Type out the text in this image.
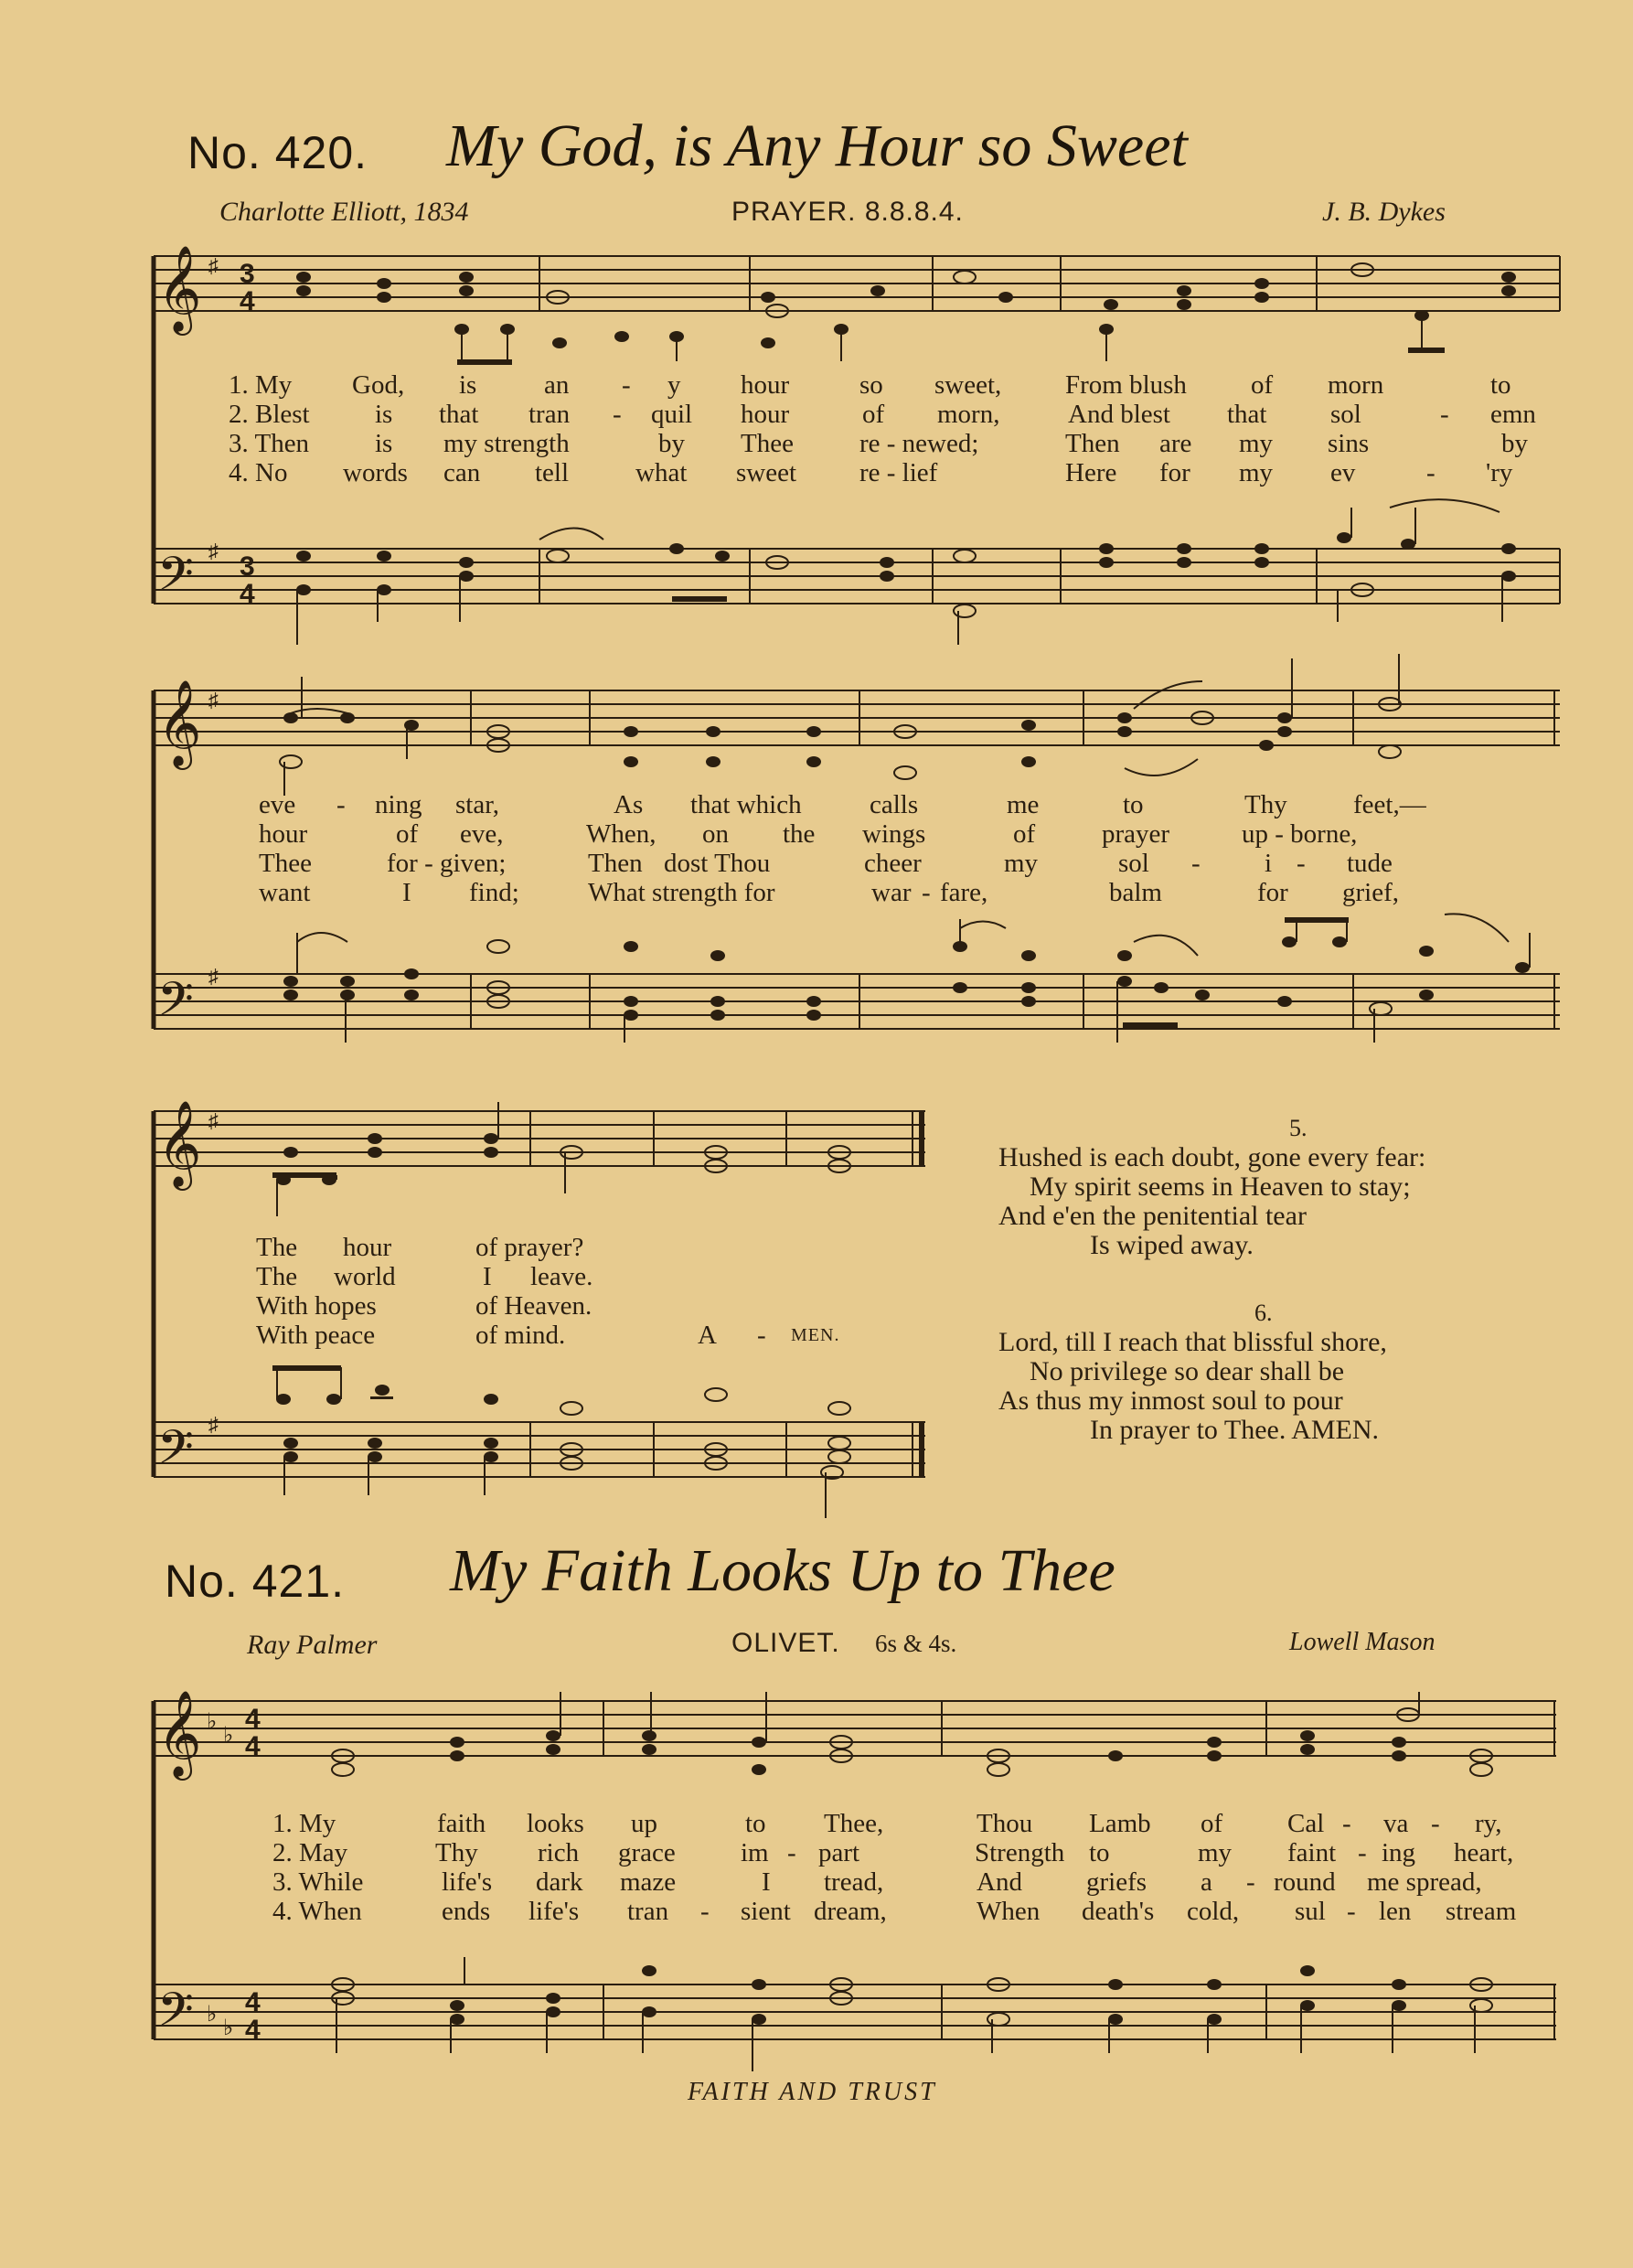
No. 420. My God, is Any Hour so Sweet
Charlotte Elliott, 1834	PRAYER. 8.8.8.4.	J. B. Dykes
𝄞
𝄢
♯
♯
3
4
3
4
1. My God, is	an - y hour	so sweet, From blush of morn	to
2. Blest is that tran - quil hour	of morn,	And blest that sol	- emn
3. Then is my strength	by Thee re - newed;	Then are my sins	by
4. No words can tell	what sweet re - lief	Here for my ev	- 'ry
𝄞
𝄢
♯
♯
eve - ning star,	As that which	calls	me	to	Thy feet,—
hour	of eve,	When, on the wings	of	prayer	up - borne,
Thee	for - given;	Then dost Thou	cheer	my	sol - i - tude
want	I find;	What strength for	war - fare,	balm	for grief,
𝄞
𝄢
♯
♯
The hour	of prayer?
The world	I leave.
With hopes	of Heaven.
With peace	of mind.	A - MEN.
5.
Hushed is each doubt, gone every fear:
My spirit seems in Heaven to stay;
And e'en the penitential tear
Is wiped away.
6.
Lord, till I reach that blissful shore,
No privilege so dear shall be
As thus my inmost soul to pour
In prayer to Thee. AMEN.
No. 421. My Faith Looks Up to Thee
Ray Palmer	OLIVET. 6s & 4s.	Lowell Mason
𝄞
𝄢
♭
♭
♭
♭
4
4
4
4
1. My	faith looks up	to Thee,	Thou Lamb of Cal - va - ry,
2. May	Thy rich grace im - part	Strength to	my faint - ing heart,
3. While	life's dark maze	I tread,	And griefs a - round me spread,
4. When	ends life's tran - sient dream,	When death's cold, sul - len stream
FAITH AND TRUST
